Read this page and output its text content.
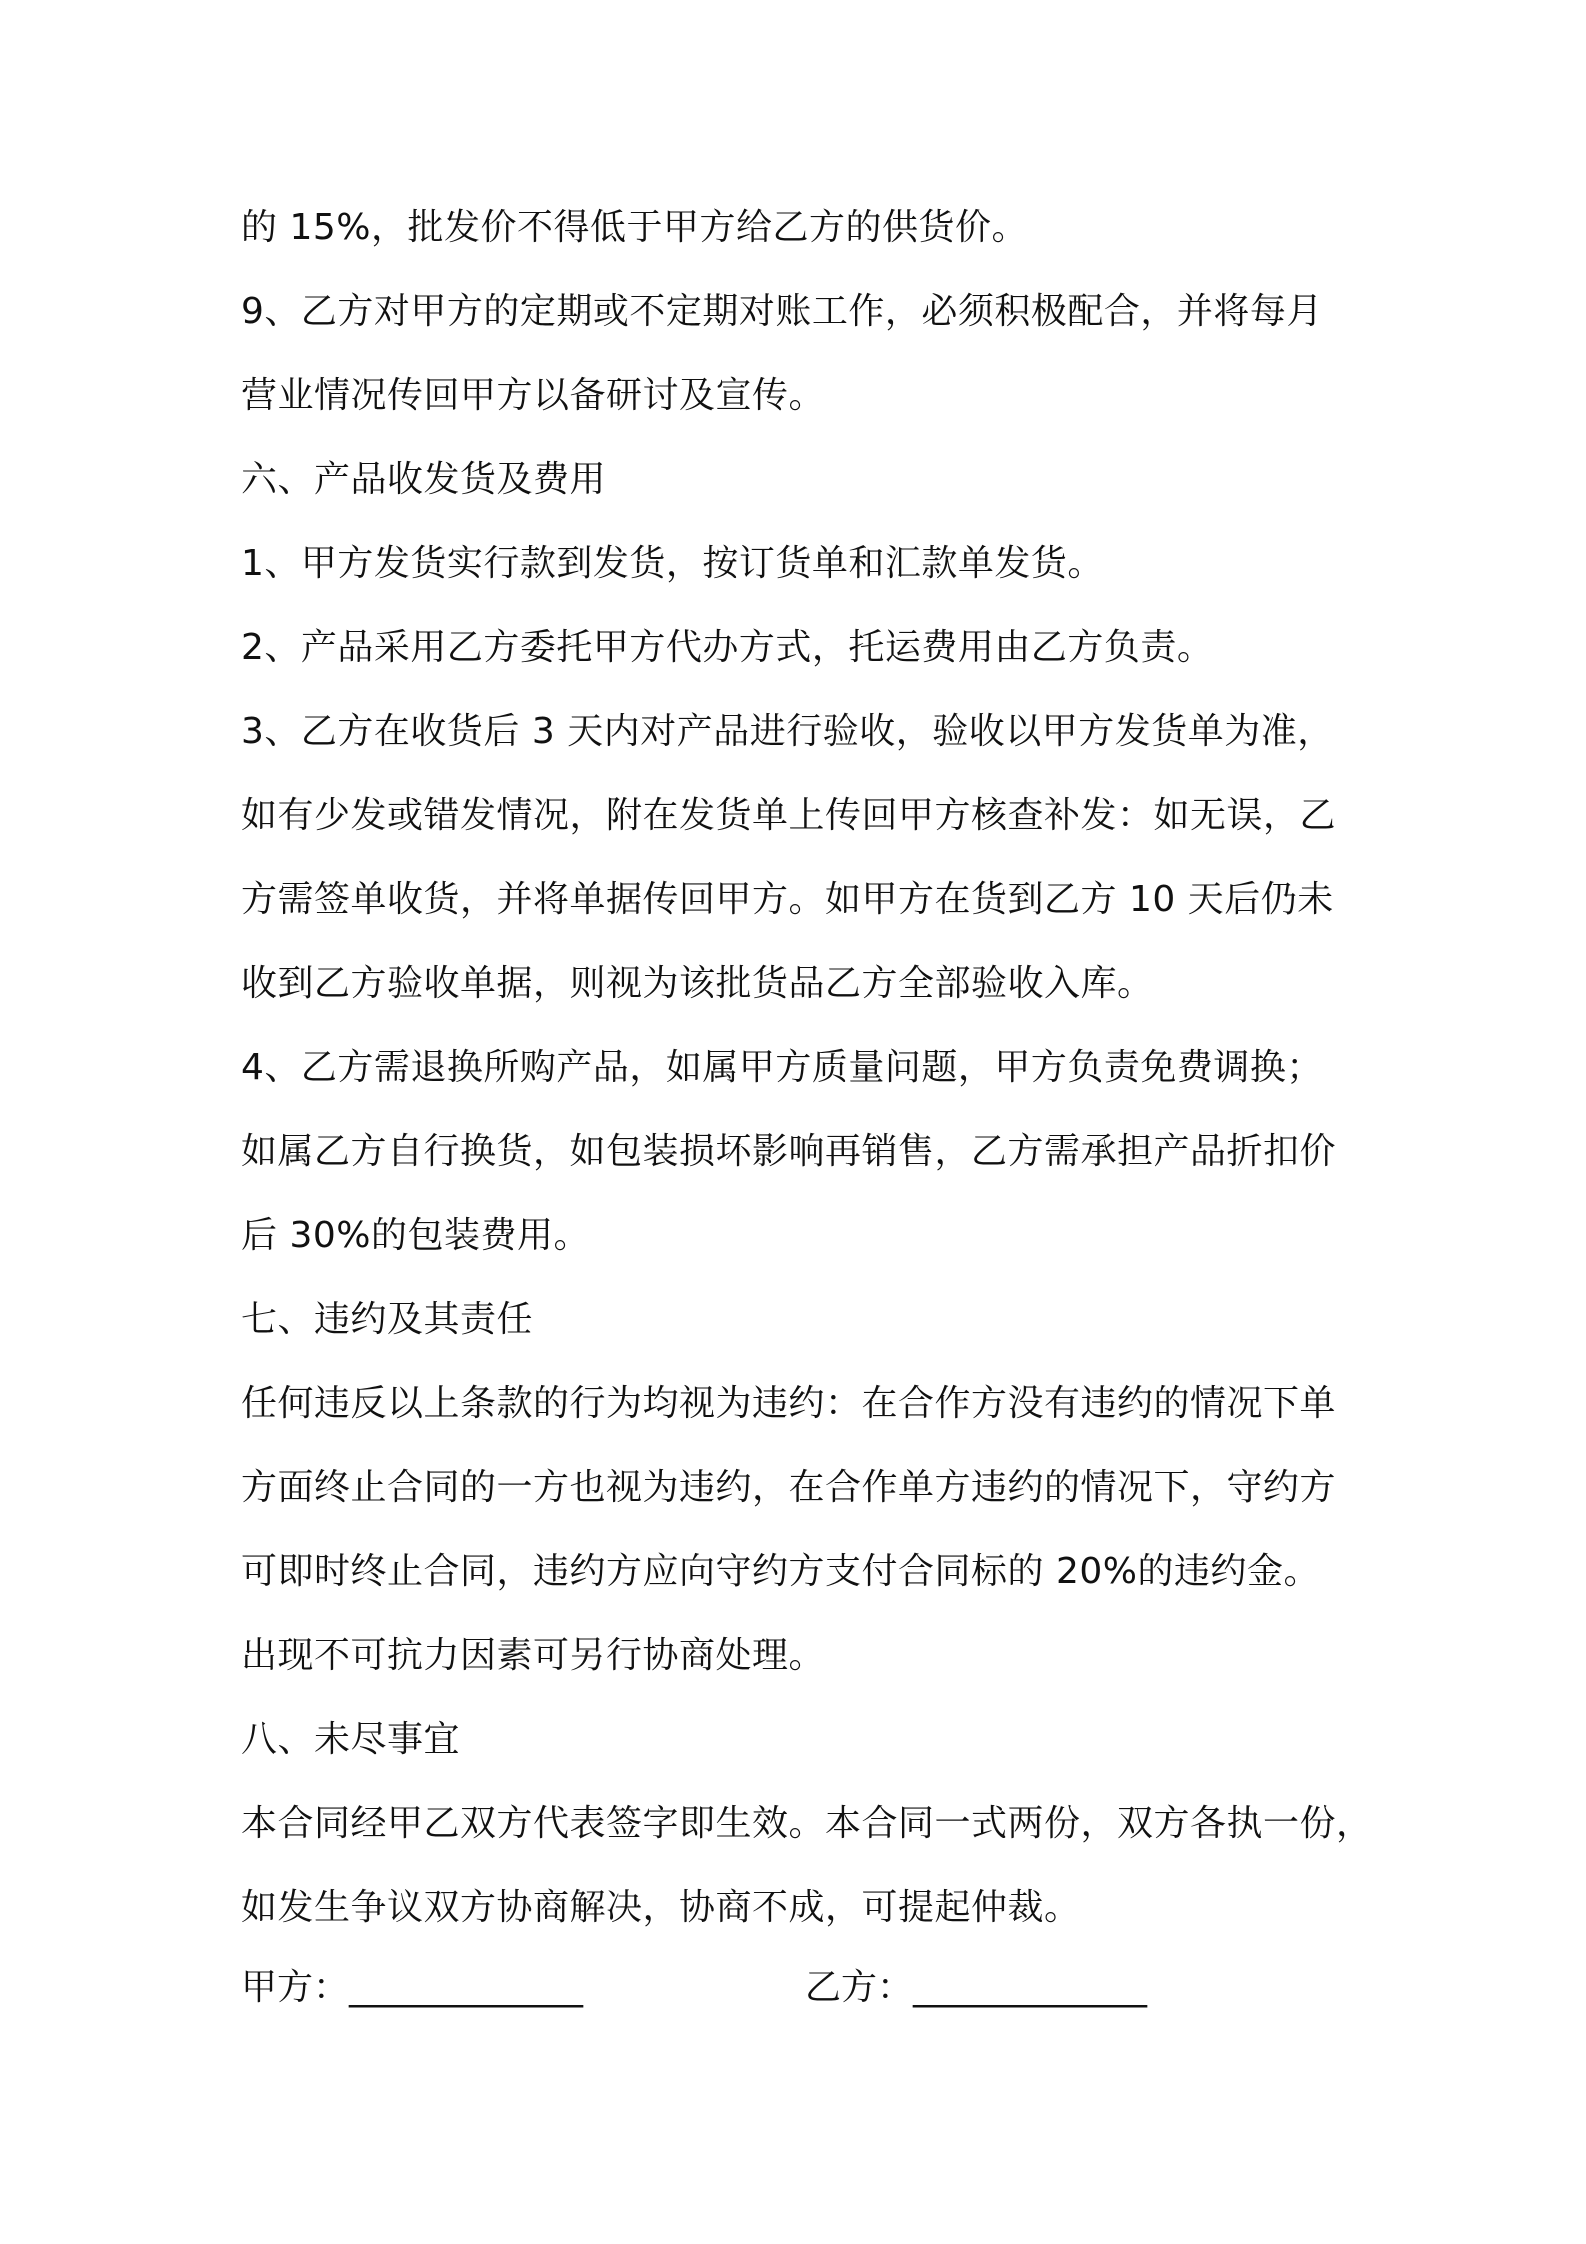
的 15%，批发价不得低于甲方给乙方的供货价。
9、乙方对甲方的定期或不定期对账工作，必须积极配合，并将每月
营业情况传回甲方以备研讨及宣传。
六、产品收发货及费用
1、甲方发货实行款到发货，按订货单和汇款单发货。
2、产品采用乙方委托甲方代办方式，托运费用由乙方负责。
3、乙方在收货后 3 天内对产品进行验收，验收以甲方发货单为准，
如有少发或错发情况，附在发货单上传回甲方核查补发：如无误，乙
方需签单收货，并将单据传回甲方。如甲方在货到乙方 10 天后仍未
收到乙方验收单据，则视为该批货品乙方全部验收入库。
4、乙方需退换所购产品，如属甲方质量问题，甲方负责免费调换；
如属乙方自行换货，如包装损坏影响再销售，乙方需承担产品折扣价
后 30%的包装费用。
七、违约及其责任
任何违反以上条款的行为均视为违约：在合作方没有违约的情况下单
方面终止合同的一方也视为违约，在合作单方违约的情况下，守约方
可即时终止合同，违约方应向守约方支付合同标的 20%的违约金。
出现不可抗力因素可另行协商处理。
八、未尽事宜
本合同经甲乙双方代表签字即生效。本合同一式两份，双方各执一份，
如发生争议双方协商解决，协商不成，可提起仲裁。
甲方：_____________	乙方：_____________
